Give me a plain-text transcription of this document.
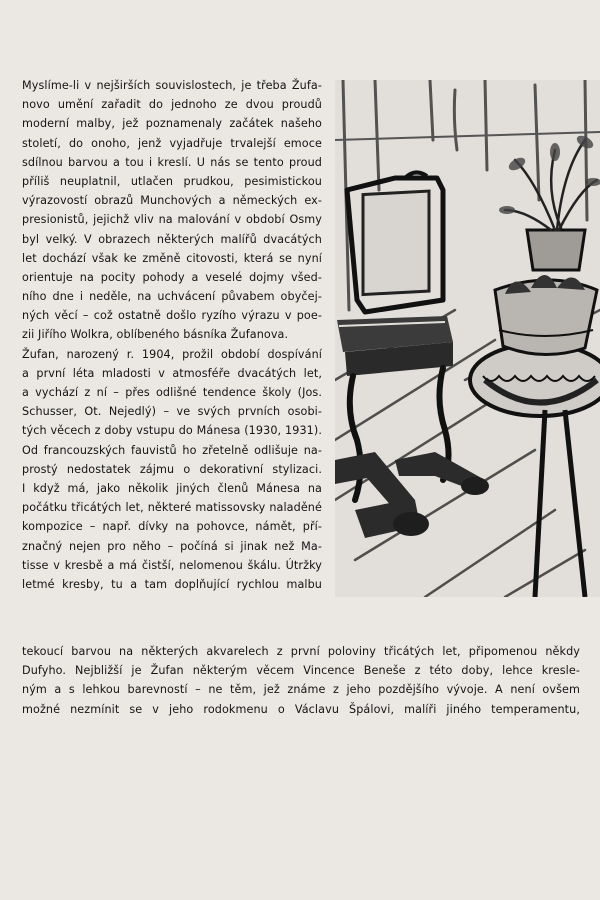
Myslíme-li v nejširších souvislostech, je třeba Žufa-
novo umění zařadit do jednoho ze dvou proudů
moderní malby, jež poznamenaly začátek našeho
století, do onoho, jenž vyjadřuje trvalejší emoce
sdílnou barvou a tou i kreslí. U nás se tento proud
příliš neuplatnil, utlačen prudkou, pesimistickou
výrazovostí obrazů Munchových a německých ex-
presionistů, jejichž vliv na malování v období Osmy
byl velký. V obrazech některých malířů dvacátých
let dochází však ke změně citovosti, která se nyní
orientuje na pocity pohody a veselé dojmy všed-
ního dne i neděle, na uchvácení půvabem obyčej-
ných věcí – což ostatně došlo ryzího výrazu v poe-
zii Jiřího Wolkra, oblíbeného básníka Žufanova.
Žufan, narozený r. 1904, prožil období dospívání
a první léta mladosti v atmosféře dvacátých let,
a vychází z ní – přes odlišné tendence školy (Jos.
Schusser, Ot. Nejedlý) – ve svých prvních osobi-
tých věcech z doby vstupu do Mánesa (1930, 1931).
Od francouzských fauvistů ho zřetelně odlišuje na-
prostý nedostatek zájmu o dekorativní stylizaci.
I když má, jako několik jiných členů Mánesa na
počátku třicátých let, některé matissovsky naladěné
kompozice – např. dívky na pohovce, námět, pří-
značný nejen pro něho – počíná si jinak než Ma-
tisse v kresbě a má čistší, nelomenou škálu. Útržky
letmé kresby, tu a tam doplňující rychlou malbu
tekoucí barvou na některých akvarelech z první poloviny třicátých let, připomenou někdy
Dufyho. Nejbližší je Žufan některým věcem Vincence Beneše z této doby, lehce kresle-
ným a s lehkou barevností – ne těm, jež známe z jeho pozdějšího vývoje. A není ovšem
možné nezmínit se v jeho rodokmenu o Václavu Špálovi, malíři jiného temperamentu,
